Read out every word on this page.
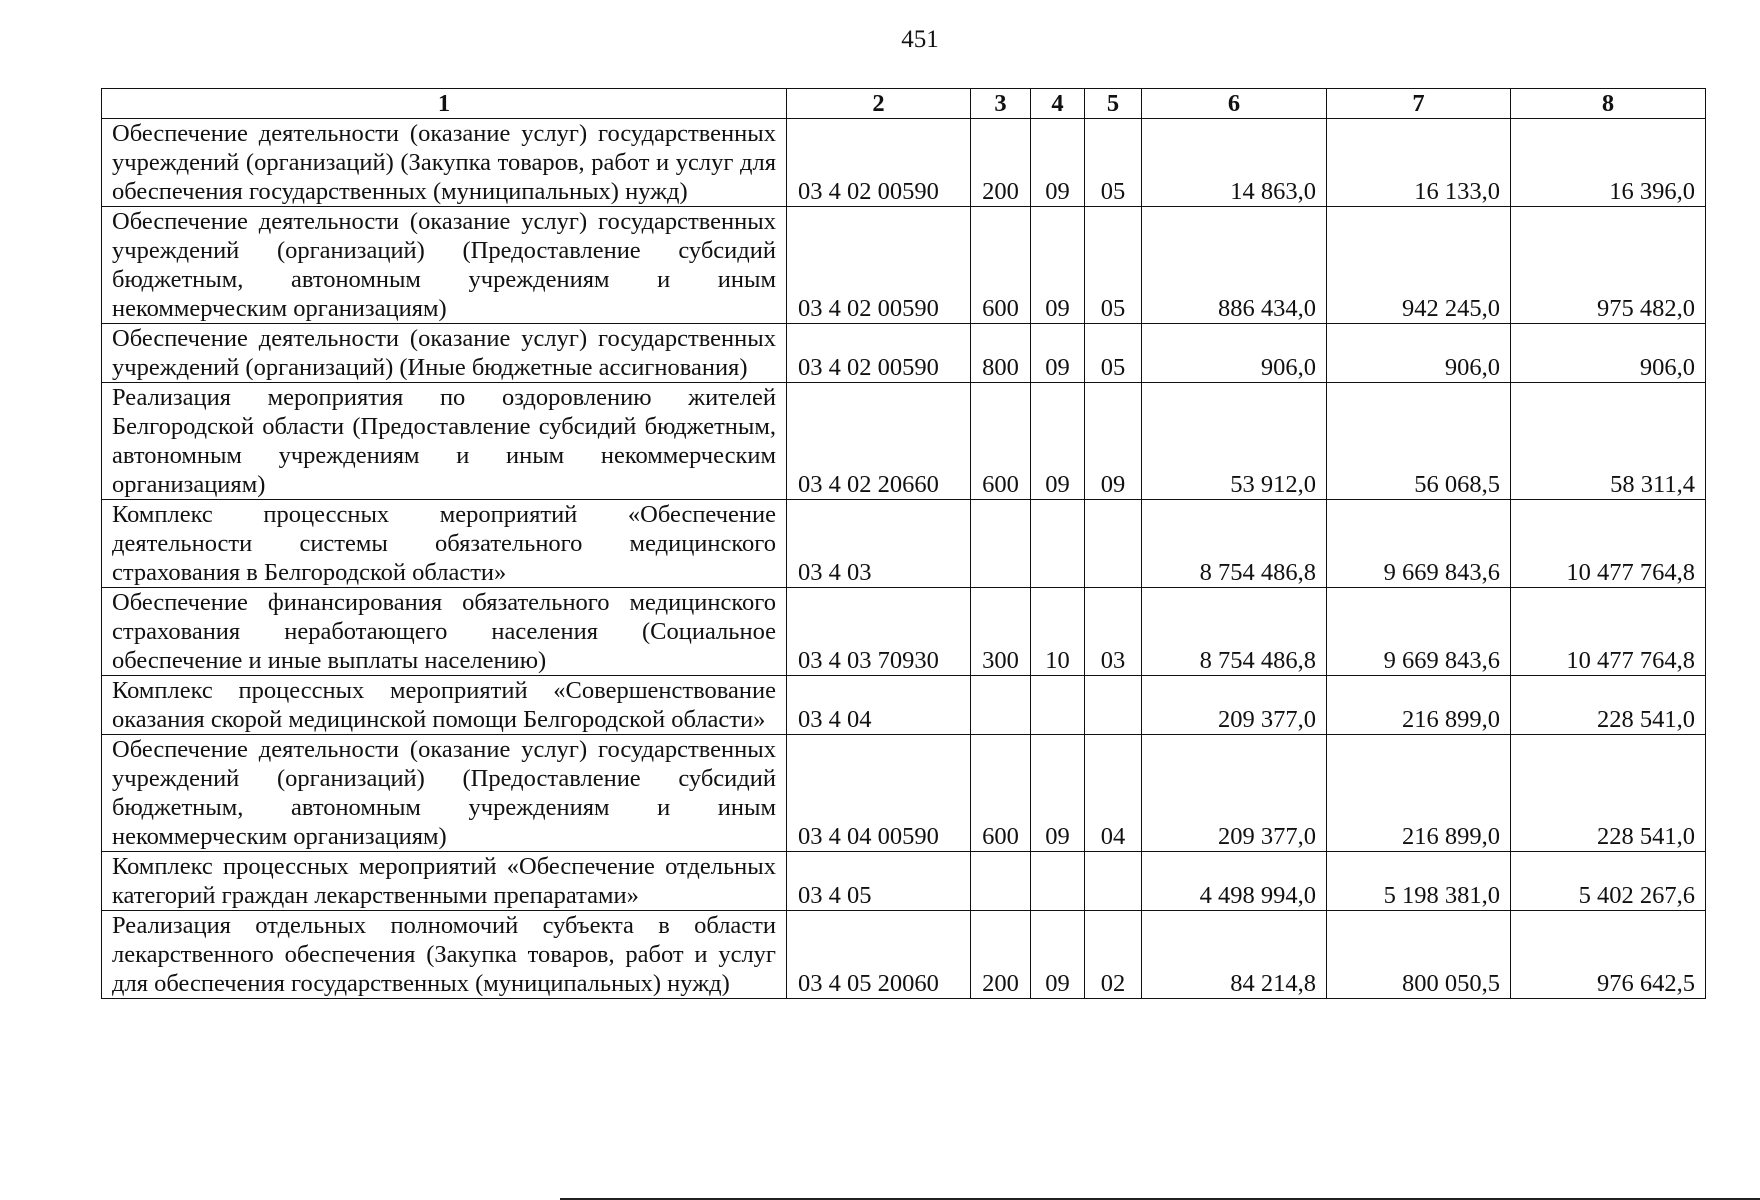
451
1	2	3	4	5	6	7	8
Обеспечение деятельности (оказание услуг) государственных учреждений (организаций) (Закупка товаров, работ и услуг для обеспечения государственных (муниципальных) нужд)	03 4 02 00590	200	09	05	14 863,0	16 133,0	16 396,0
Обеспечение деятельности (оказание услуг) государственных учреждений (организаций) (Предоставление субсидий бюджетным, автономным учреждениям и иным некоммерческим организациям)	03 4 02 00590	600	09	05	886 434,0	942 245,0	975 482,0
Обеспечение деятельности (оказание услуг) государственных учреждений (организаций) (Иные бюджетные ассигнования)	03 4 02 00590	800	09	05	906,0	906,0	906,0
Реализация мероприятия по оздоровлению жителей Белгородской области (Предоставление субсидий бюджетным, автономным учреждениям и иным некоммерческим организациям)	03 4 02 20660	600	09	09	53 912,0	56 068,5	58 311,4
Комплекс процессных мероприятий «Обеспечение деятельности системы обязательного медицинского страхования в Белгородской области»	03 4 03				8 754 486,8	9 669 843,6	10 477 764,8
Обеспечение финансирования обязательного медицинского страхования неработающего населения (Социальное обеспечение и иные выплаты населению)	03 4 03 70930	300	10	03	8 754 486,8	9 669 843,6	10 477 764,8
Комплекс процессных мероприятий «Совершенствование оказания скорой медицинской помощи Белгородской области»	03 4 04				209 377,0	216 899,0	228 541,0
Обеспечение деятельности (оказание услуг) государственных учреждений (организаций) (Предоставление субсидий бюджетным, автономным учреждениям и иным некоммерческим организациям)	03 4 04 00590	600	09	04	209 377,0	216 899,0	228 541,0
Комплекс процессных мероприятий «Обеспечение отдельных категорий граждан лекарственными препаратами»	03 4 05				4 498 994,0	5 198 381,0	5 402 267,6
Реализация отдельных полномочий субъекта в области лекарственного обеспечения (Закупка товаров, работ и услуг для обеспечения государственных (муниципальных) нужд)	03 4 05 20060	200	09	02	84 214,8	800 050,5	976 642,5
